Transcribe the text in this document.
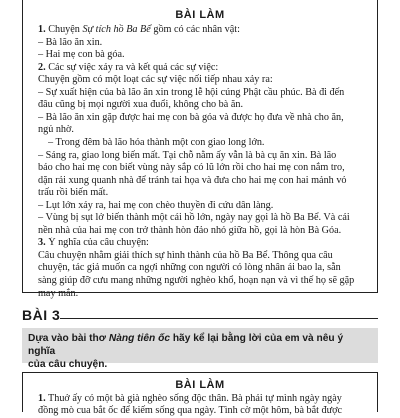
BÀI LÀM
1. Chuyện Sự tích hồ Ba Bể gồm có các nhân vật:
– Bà lão ăn xin.
– Hai mẹ con bà góa.
2. Các sự việc xảy ra và kết quả các sự việc:
Chuyện gồm có một loạt các sự việc nối tiếp nhau xảy ra:
– Sự xuất hiện của bà lão ăn xin trong lễ hội cúng Phật cầu phúc. Bà đi đến
đâu cũng bị mọi người xua đuổi, không cho bà ăn.
– Bà lão ăn xin gặp được hai mẹ con bà góa và được họ đưa về nhà cho ăn,
ngủ nhờ.
– Trong đêm bà lão hóa thành một con giao long lớn.
– Sáng ra, giao long biến mất. Tại chỗ nằm ấy vẫn là bà cụ ăn xin. Bà lão
báo cho hai mẹ con biết vùng này sắp có lũ lớn rồi cho hai mẹ con nắm tro,
dặn rải xung quanh nhà để tránh tai họa và đưa cho hai mẹ con hai mảnh vỏ
trấu rồi biến mất.
– Lụt lớn xảy ra, hai mẹ con chèo thuyền đi cứu dân làng.
– Vùng bị sụt lở biến thành một cái hồ lớn, ngày nay gọi là hồ Ba Bể. Và cái
nền nhà của hai mẹ con trở thành hòn đảo nhỏ giữa hồ, gọi là hòn Bà Góa.
3. Ý nghĩa của câu chuyện:
Câu chuyện nhằm giải thích sự hình thành của hồ Ba Bể. Thông qua câu
chuyện, tác giả muốn ca ngợi những con người có lòng nhân ái bao la, sẵn
sàng giúp đỡ cưu mang những người nghèo khổ, hoạn nạn và vì thế họ sẽ gặp
may mắn.
BÀI 3
Dựa vào bài thơ Nàng tiên ốc hãy kể lại bằng lời của em và nêu ý nghĩa
của câu chuyện.
BÀI LÀM
1. Thuở ấy có một bà già nghèo sống độc thân. Bà phải tự mình ngày ngày
đồng mò cua bắt ốc để kiếm sống qua ngày. Tình cờ một hôm, bà bắt được
